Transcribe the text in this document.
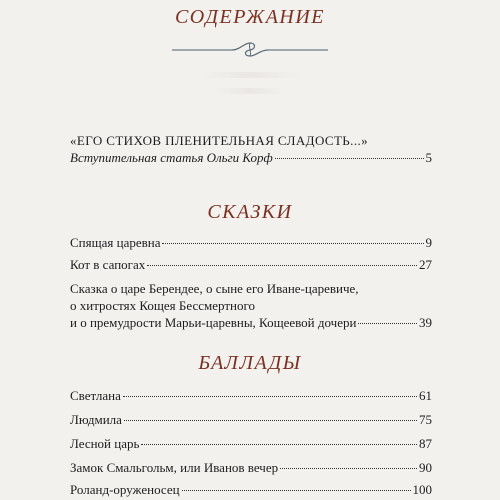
СОДЕРЖАНИЕ
«ЕГО СТИХОВ ПЛЕНИТЕЛЬНАЯ СЛАДОСТЬ...»
Вступительная статья Ольги Корф	5
СКАЗКИ
Спящая царевна	9
Кот в сапогах	27
Сказка о царе Берендее, о сыне его Иване-царевиче,
о хитростях Кощея Бессмертного
и о премудрости Марьи-царевны, Кощеевой дочери	39
БАЛЛАДЫ
Светлана	61
Людмила	75
Лесной царь	87
Замок Смальгольм, или Иванов вечер	90
Роланд-оруженосец	100
